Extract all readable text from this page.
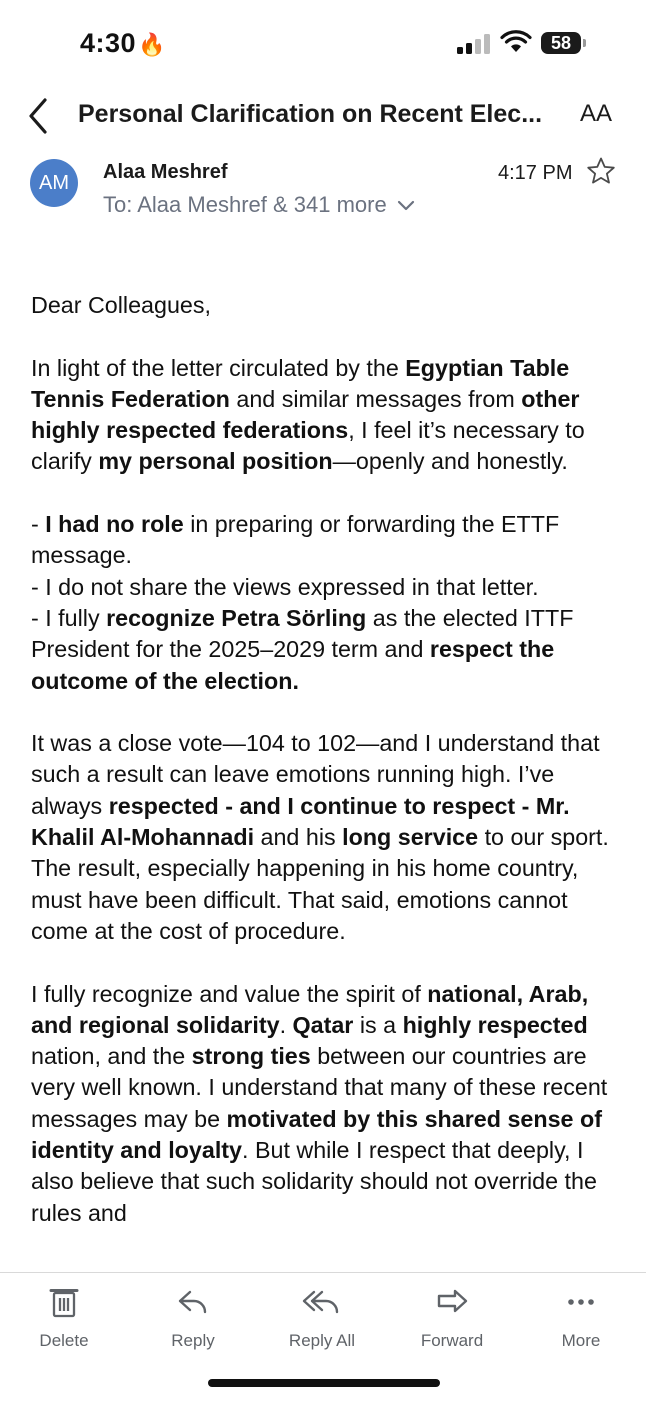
4:30🔥	58
Personal Clarification on Recent Elec...	AA
AM	Alaa Meshref
To: Alaa Meshref & 341 more
4:17 PM

Dear Colleagues,

In light of the letter circulated by the Egyptian Table Tennis Federation and similar messages from other highly respected federations, I feel it’s necessary to clarify my personal position—openly and honestly.

- I had no role in preparing or forwarding the ETTF message.

- I do not share the views expressed in that letter.

- I fully recognize Petra Sörling as the elected ITTF President for the 2025–2029 term and respect the outcome of the election.

It was a close vote—104 to 102—and I understand that such a result can leave emotions running high. I’ve always respected - and I continue to respect - Mr. Khalil Al-Mohannadi and his long service to our sport. The result, especially happening in his home country, must have been difficult. That said, emotions cannot come at the cost of procedure.

I fully recognize and value the spirit of national, Arab, and regional solidarity. Qatar is a highly respected nation, and the strong ties between our countries are very well known. I understand that many of these recent messages may be motivated by this shared sense of identity and loyalty. But while I respect that deeply, I also believe that such solidarity should not override the rules and

Delete	Reply	Reply All	Forward	More
